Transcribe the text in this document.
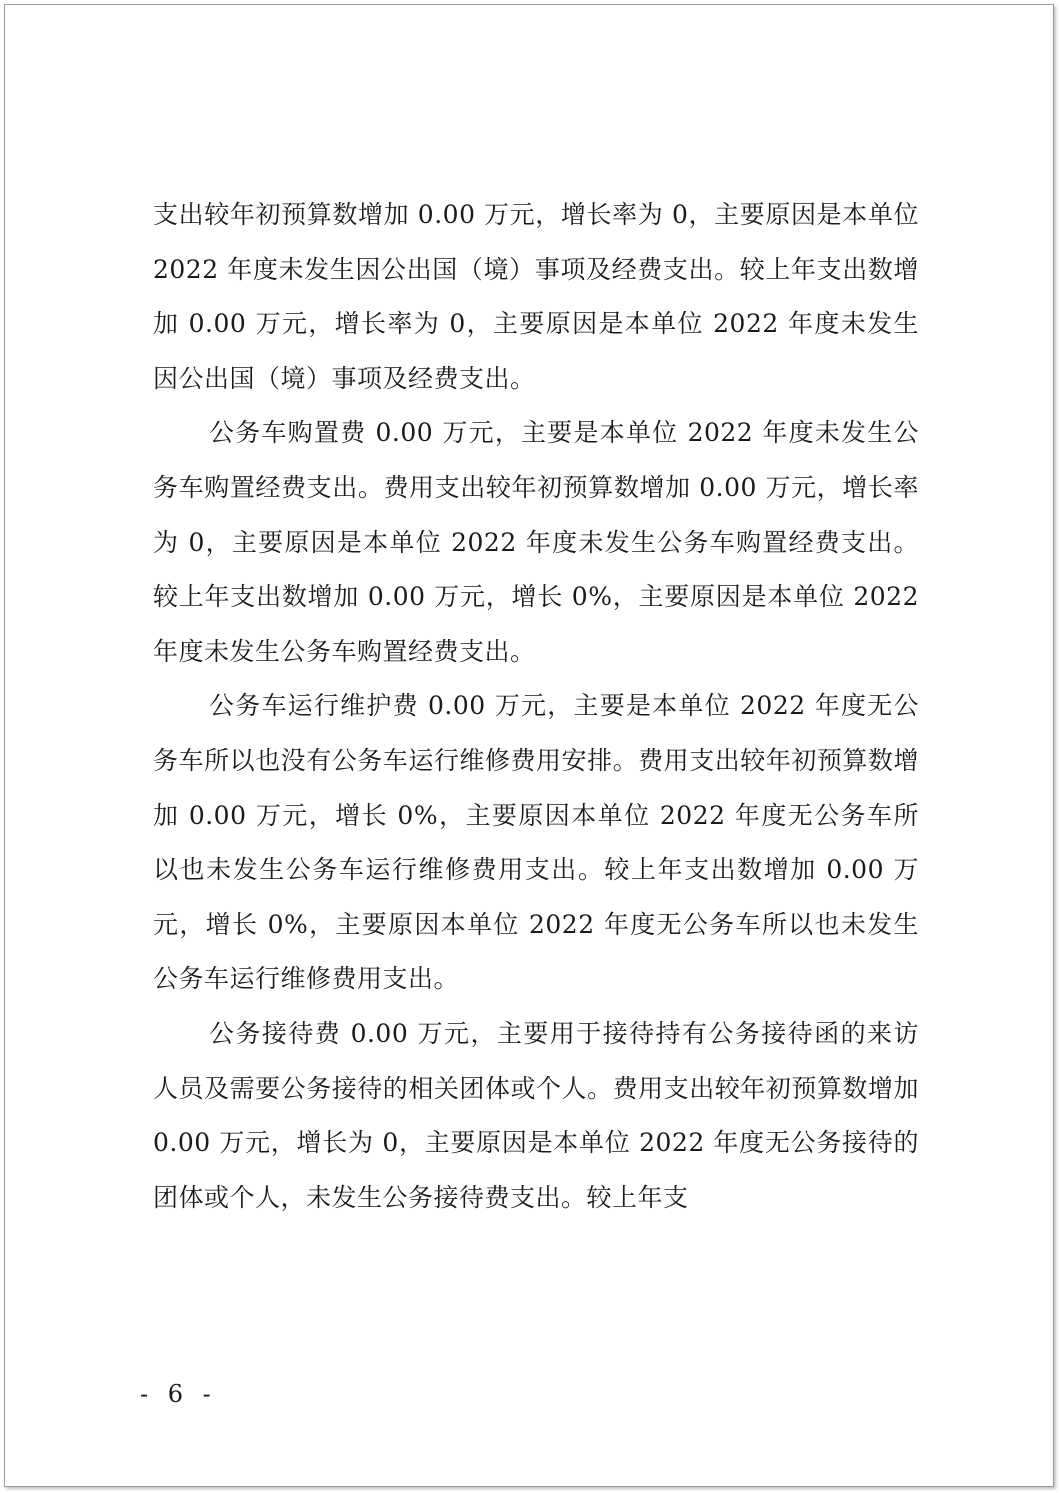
支出较年初预算数增加 0.00 万元，增长率为 0，主要原因是本单位 2022 年度未发生因公出国（境）事项及经费支出。较上年支出数增加 0.00 万元，增长率为 0，主要原因是本单位 2022 年度未发生因公出国（境）事项及经费支出。

公务车购置费 0.00 万元，主要是本单位 2022 年度未发生公务车购置经费支出。费用支出较年初预算数增加 0.00 万元，增长率为 0，主要原因是本单位 2022 年度未发生公务车购置经费支出。较上年支出数增加 0.00 万元，增长 0%，主要原因是本单位 2022 年度未发生公务车购置经费支出。

公务车运行维护费 0.00 万元，主要是本单位 2022 年度无公务车所以也没有公务车运行维修费用安排。费用支出较年初预算数增加 0.00 万元，增长 0%，主要原因本单位 2022 年度无公务车所以也未发生公务车运行维修费用支出。较上年支出数增加 0.00 万元，增长 0%，主要原因本单位 2022 年度无公务车所以也未发生公务车运行维修费用支出。

公务接待费 0.00 万元，主要用于接待持有公务接待函的来访人员及需要公务接待的相关团体或个人。费用支出较年初预算数增加 0.00 万元，增长为 0，主要原因是本单位 2022 年度无公务接待的团体或个人，未发生公务接待费支出。较上年支

- 6 -
